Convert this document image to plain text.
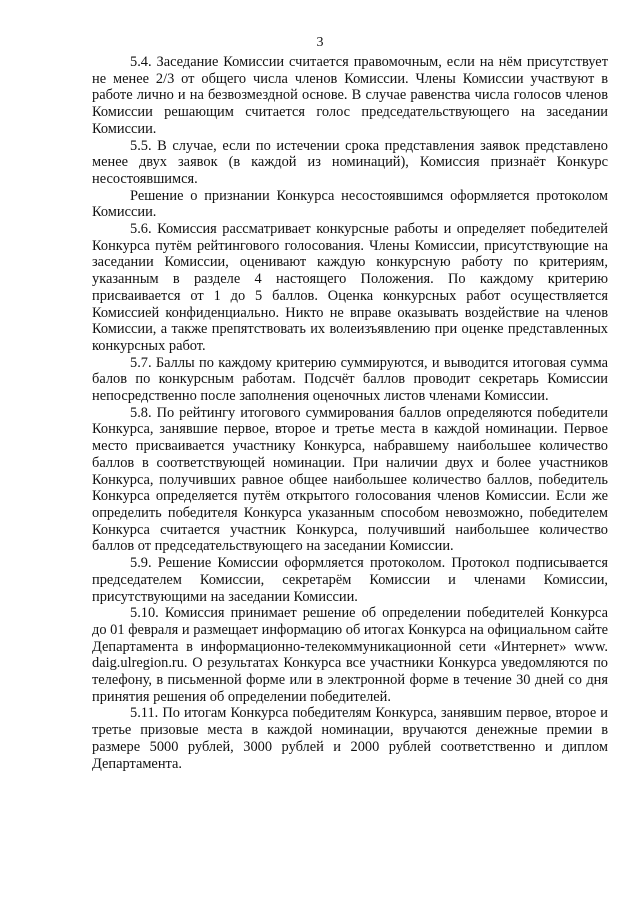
3

5.4. Заседание Комиссии считается правомочным, если на нём присутствует не менее 2/3 от общего числа членов Комиссии. Члены Комиссии участвуют в работе лично и на безвозмездной основе. В случае равенства числа голосов членов Комиссии решающим считается голос председательствующего на заседании Комиссии.

5.5. В случае, если по истечении срока представления заявок представлено менее двух заявок (в каждой из номинаций), Комиссия признаёт Конкурс несостоявшимся.

Решение о признании Конкурса несостоявшимся оформляется протоколом Комиссии.

5.6. Комиссия рассматривает конкурсные работы и определяет победителей Конкурса путём рейтингового голосования. Члены Комиссии, присутствующие на заседании Комиссии, оценивают каждую конкурсную работу по критериям, указанным в разделе 4 настоящего Положения. По каждому критерию присваивается от 1 до 5 баллов. Оценка конкурсных работ осуществляется Комиссией конфиденциально. Никто не вправе оказывать воздействие на членов Комиссии, а также препятствовать их волеизъявлению при оценке представленных конкурсных работ.

5.7. Баллы по каждому критерию суммируются, и выводится итоговая сумма балов по конкурсным работам. Подсчёт баллов проводит секретарь Комиссии непосредственно после заполнения оценочных листов членами Комиссии.

5.8. По рейтингу итогового суммирования баллов определяются победители Конкурса, занявшие первое, второе и третье места в каждой номинации. Первое место присваивается участнику Конкурса, набравшему наибольшее количество баллов в соответствующей номинации. При наличии двух и более участников Конкурса, получивших равное общее наибольшее количество баллов, победитель Конкурса определяется путём открытого голосования членов Комиссии. Если же определить победителя Конкурса указанным способом невозможно, победителем Конкурса считается участник Конкурса, получивший наибольшее количество баллов от председательствующего на заседании Комиссии.

5.9. Решение Комиссии оформляется протоколом. Протокол подписывается председателем Комиссии, секретарём Комиссии и членами Комиссии, присутствующими на заседании Комиссии.

5.10. Комиссия принимает решение об определении победителей Конкурса до 01 февраля и размещает информацию об итогах Конкурса на официальном сайте Департамента в информационно-телекоммуникационной сети «Интернет» www. daig.ulregion.ru. О результатах Конкурса все участники Конкурса уведомляются по телефону, в письменной форме или в электронной форме в течение 30 дней со дня принятия решения об определении победителей.

5.11. По итогам Конкурса победителям Конкурса, занявшим первое, второе и третье призовые места в каждой номинации, вручаются денежные премии в размере 5000 рублей, 3000 рублей и 2000 рублей соответственно и диплом Департамента.
